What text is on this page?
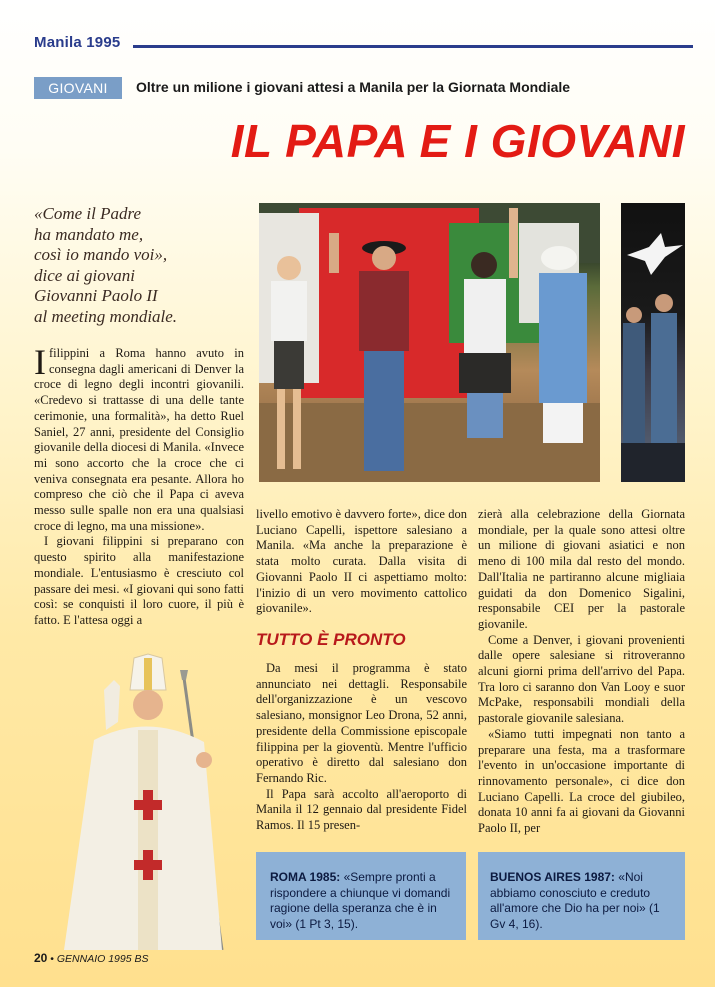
Manila 1995
GIOVANI	Oltre un milione i giovani attesi a Manila per la Giornata Mondiale
IL PAPA E I GIOVANI
«Come il Padre
ha mandato me,
così io mando voi»,
dice ai giovani
Giovanni Paolo II
al meeting mondiale.

Ifilippini a Roma hanno avuto in consegna dagli americani di Denver la croce di legno degli incontri giovanili. «Credevo si trattasse di una delle tante cerimonie, una formalità», ha detto Ruel Saniel, 27 anni, presidente del Consiglio giovanile della diocesi di Manila. «Invece mi sono accorto che la croce che ci veniva consegnata era pesante. Allora ho compreso che ciò che il Papa ci aveva messo sulle spalle non era una qualsiasi croce di legno, ma una missione».

I giovani filippini si preparano con questo spirito alla manifestazione mondiale. L'entusiasmo è cresciuto col passare dei mesi. «I giovani qui sono fatti così: se conquisti il loro cuore, il più è fatto. E l'attesa oggi a

livello emotivo è davvero forte», dice don Luciano Capelli, ispettore salesiano a Manila. «Ma anche la preparazione è stata molto curata. Dalla visita di Giovanni Paolo II ci aspettiamo molto: l'inizio di un vero movimento cattolico giovanile».

TUTTO È PRONTO

Da mesi il programma è stato annunciato nei dettagli. Responsabile dell'organizzazione è un vescovo salesiano, monsignor Leo Drona, 52 anni, presidente della Commissione episcopale filippina per la gioventù. Mentre l'ufficio operativo è diretto dal salesiano don Fernando Ric.

Il Papa sarà accolto all'aeroporto di Manila il 12 gennaio dal presidente Fidel Ramos. Il 15 presen-

zierà alla celebrazione della Giornata mondiale, per la quale sono attesi oltre un milione di giovani asiatici e non meno di 100 mila dal resto del mondo. Dall'Italia ne partiranno alcune migliaia guidati da don Domenico Sigalini, responsabile CEI per la pastorale giovanile.

Come a Denver, i giovani provenienti dalle opere salesiane si ritroveranno alcuni giorni prima dell'arrivo del Papa. Tra loro ci saranno don Van Looy e suor McPake, responsabili mondiali della pastorale giovanile salesiana.

«Siamo tutti impegnati non tanto a preparare una festa, ma a trasformare l'evento in un'occasione importante di rinnovamento personale», ci dice don Luciano Capelli. La croce del giubileo, donata 10 anni fa ai giovani da Giovanni Paolo II, per

ROMA 1985: «Sempre pronti a rispondere a chiunque vi domandi ragione della speranza che è in voi» (1 Pt 3, 15).
BUENOS AIRES 1987: «Noi abbiamo conosciuto e creduto all'amore che Dio ha per noi» (1 Gv 4, 16).
20 • GENNAIO 1995 BS
